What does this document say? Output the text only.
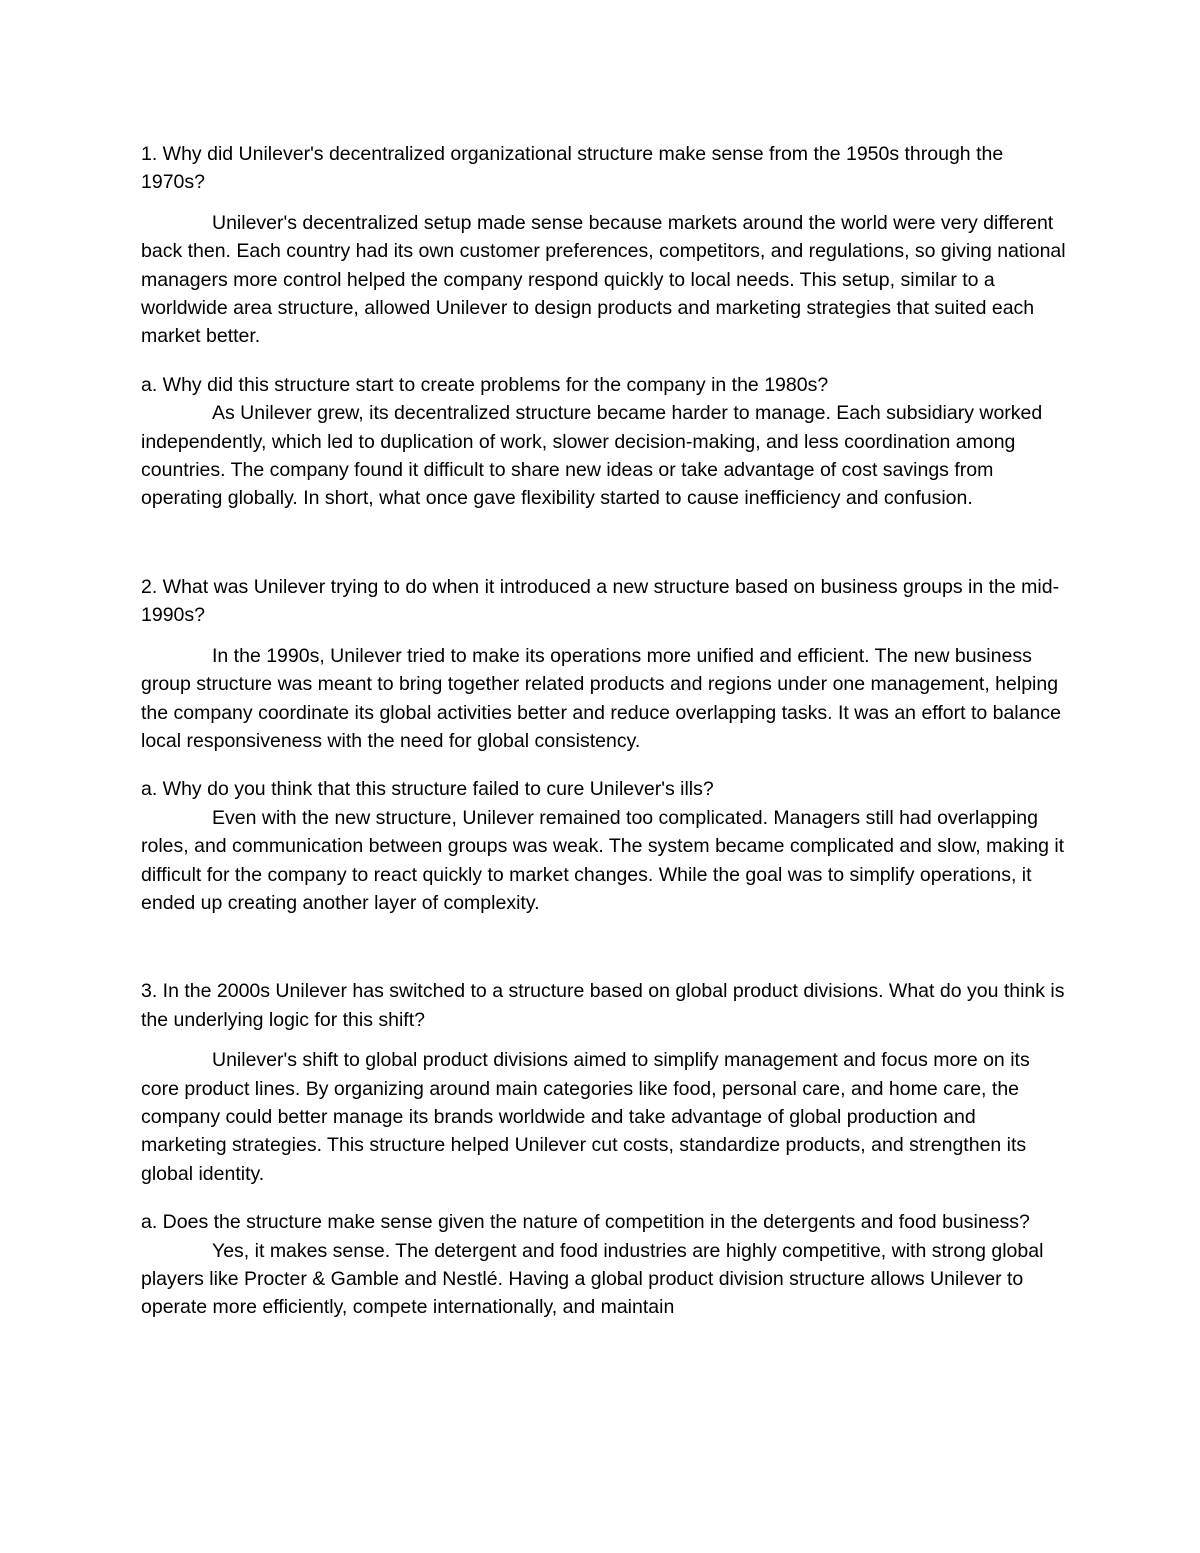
1. Why did Unilever's decentralized organizational structure make sense from the 1950s through the 1970s?

Unilever's decentralized setup made sense because markets around the world were very different back then. Each country had its own customer preferences, competitors, and regulations, so giving national managers more control helped the company respond quickly to local needs. This setup, similar to a worldwide area structure, allowed Unilever to design products and marketing strategies that suited each market better.

a. Why did this structure start to create problems for the company in the 1980s?

As Unilever grew, its decentralized structure became harder to manage. Each subsidiary worked independently, which led to duplication of work, slower decision-making, and less coordination among countries. The company found it difficult to share new ideas or take advantage of cost savings from operating globally. In short, what once gave flexibility started to cause inefficiency and confusion.

2. What was Unilever trying to do when it introduced a new structure based on business groups in the mid-1990s?

In the 1990s, Unilever tried to make its operations more unified and efficient. The new business group structure was meant to bring together related products and regions under one management, helping the company coordinate its global activities better and reduce overlapping tasks. It was an effort to balance local responsiveness with the need for global consistency.

a. Why do you think that this structure failed to cure Unilever's ills?

Even with the new structure, Unilever remained too complicated. Managers still had overlapping roles, and communication between groups was weak. The system became complicated and slow, making it difficult for the company to react quickly to market changes. While the goal was to simplify operations, it ended up creating another layer of complexity.

3. In the 2000s Unilever has switched to a structure based on global product divisions. What do you think is the underlying logic for this shift?

Unilever's shift to global product divisions aimed to simplify management and focus more on its core product lines. By organizing around main categories like food, personal care, and home care, the company could better manage its brands worldwide and take advantage of global production and marketing strategies. This structure helped Unilever cut costs, standardize products, and strengthen its global identity.

a. Does the structure make sense given the nature of competition in the detergents and food business?

Yes, it makes sense. The detergent and food industries are highly competitive, with strong global players like Procter & Gamble and Nestlé. Having a global product division structure allows Unilever to operate more efficiently, compete internationally, and maintain
